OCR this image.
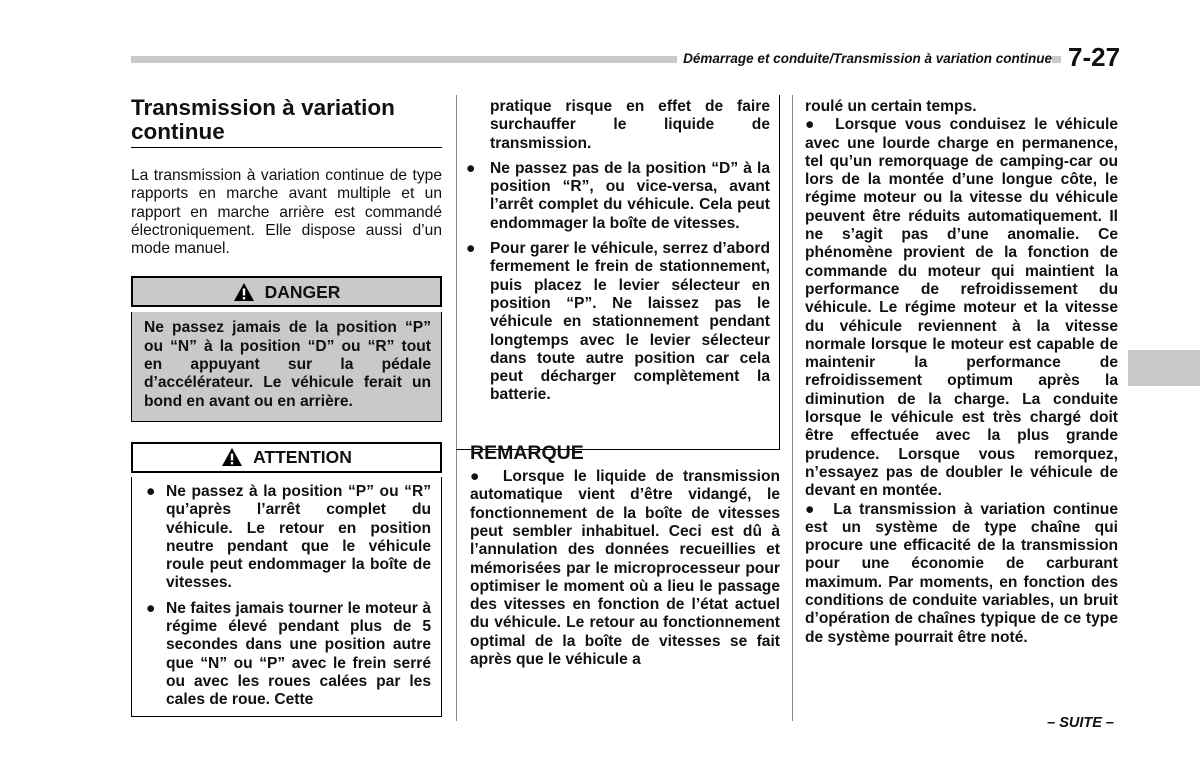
Démarrage et conduite/Transmission à variation continue 7-27
Transmission à variation continue

La transmission à variation continue de type rapports en marche avant multiple et un rapport en marche arrière est commandé électroniquement. Elle dispose aussi d’un mode manuel.

DANGER
Ne passez jamais de la position “P” ou “N” à la position “D” ou “R” tout en appuyant sur la pédale d’accélérateur. Le véhicule ferait un bond en avant ou en arrière.
ATTENTION
● Ne passez à la position “P” ou “R” qu’après l’arrêt complet du véhicule. Le retour en position neutre pendant que le véhicule roule peut endommager la boîte de vitesses.
● Ne faites jamais tourner le moteur à régime élevé pendant plus de 5 secondes dans une position autre que “N” ou “P” avec le frein serré ou avec les roues calées par les cales de roue. Cette

pratique risque en effet de faire surchauffer le liquide de transmission.

● Ne passez pas de la position “D” à la position “R”, ou vice-versa, avant l’arrêt complet du véhicule. Cela peut endommager la boîte de vitesses.
● Pour garer le véhicule, serrez d’abord fermement le frein de stationnement, puis placez le levier sélecteur en position “P”. Ne laissez pas le véhicule en stationnement pendant longtemps avec le levier sélecteur dans toute autre position car cela peut décharger complètement la batterie.
REMARQUE

● Lorsque le liquide de transmission automatique vient d’être vidangé, le fonctionnement de la boîte de vitesses peut sembler inhabituel. Ceci est dû à l’annulation des données recueillies et mémorisées par le microprocesseur pour optimiser le moment où a lieu le passage des vitesses en fonction de l’état actuel du véhicule. Le retour au fonctionnement optimal de la boîte de vitesses se fait après que le véhicule a

roulé un certain temps.

● Lorsque vous conduisez le véhicule avec une lourde charge en permanence, tel qu’un remorquage de camping-car ou lors de la montée d’une longue côte, le régime moteur ou la vitesse du véhicule peuvent être réduits automatiquement. Il ne s’agit pas d’une anomalie. Ce phénomène provient de la fonction de commande du moteur qui maintient la performance de refroidissement du véhicule. Le régime moteur et la vitesse du véhicule reviennent à la vitesse normale lorsque le moteur est capable de maintenir la performance de refroidissement optimum après la diminution de la charge. La conduite lorsque le véhicule est très chargé doit être effectuée avec la plus grande prudence. Lorsque vous remorquez, n’essayez pas de doubler le véhicule de devant en montée.

● La transmission à variation continue est un système de type chaîne qui procure une efficacité de la transmission pour une économie de carburant maximum. Par moments, en fonction des conditions de conduite variables, un bruit d’opération de chaînes typique de ce type de système pourrait être noté.

– SUITE –
